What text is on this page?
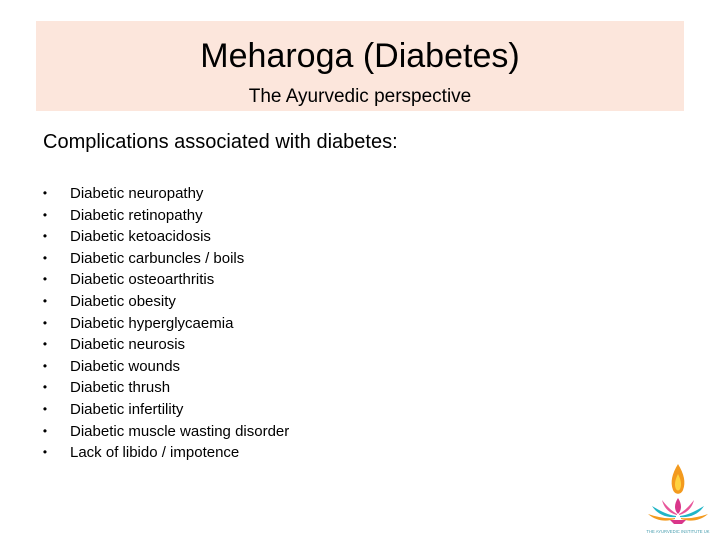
Meharoga (Diabetes)
The Ayurvedic perspective
Complications associated with diabetes:
• Diabetic neuropathy
• Diabetic retinopathy
• Diabetic ketoacidosis
• Diabetic carbuncles / boils
• Diabetic osteoarthritis
• Diabetic obesity
• Diabetic hyperglycaemia
• Diabetic neurosis
• Diabetic wounds
• Diabetic thrush
• Diabetic infertility
• Diabetic muscle wasting disorder
• Lack of libido / impotence
THE AYURVEDIC INSTITUTE UK
